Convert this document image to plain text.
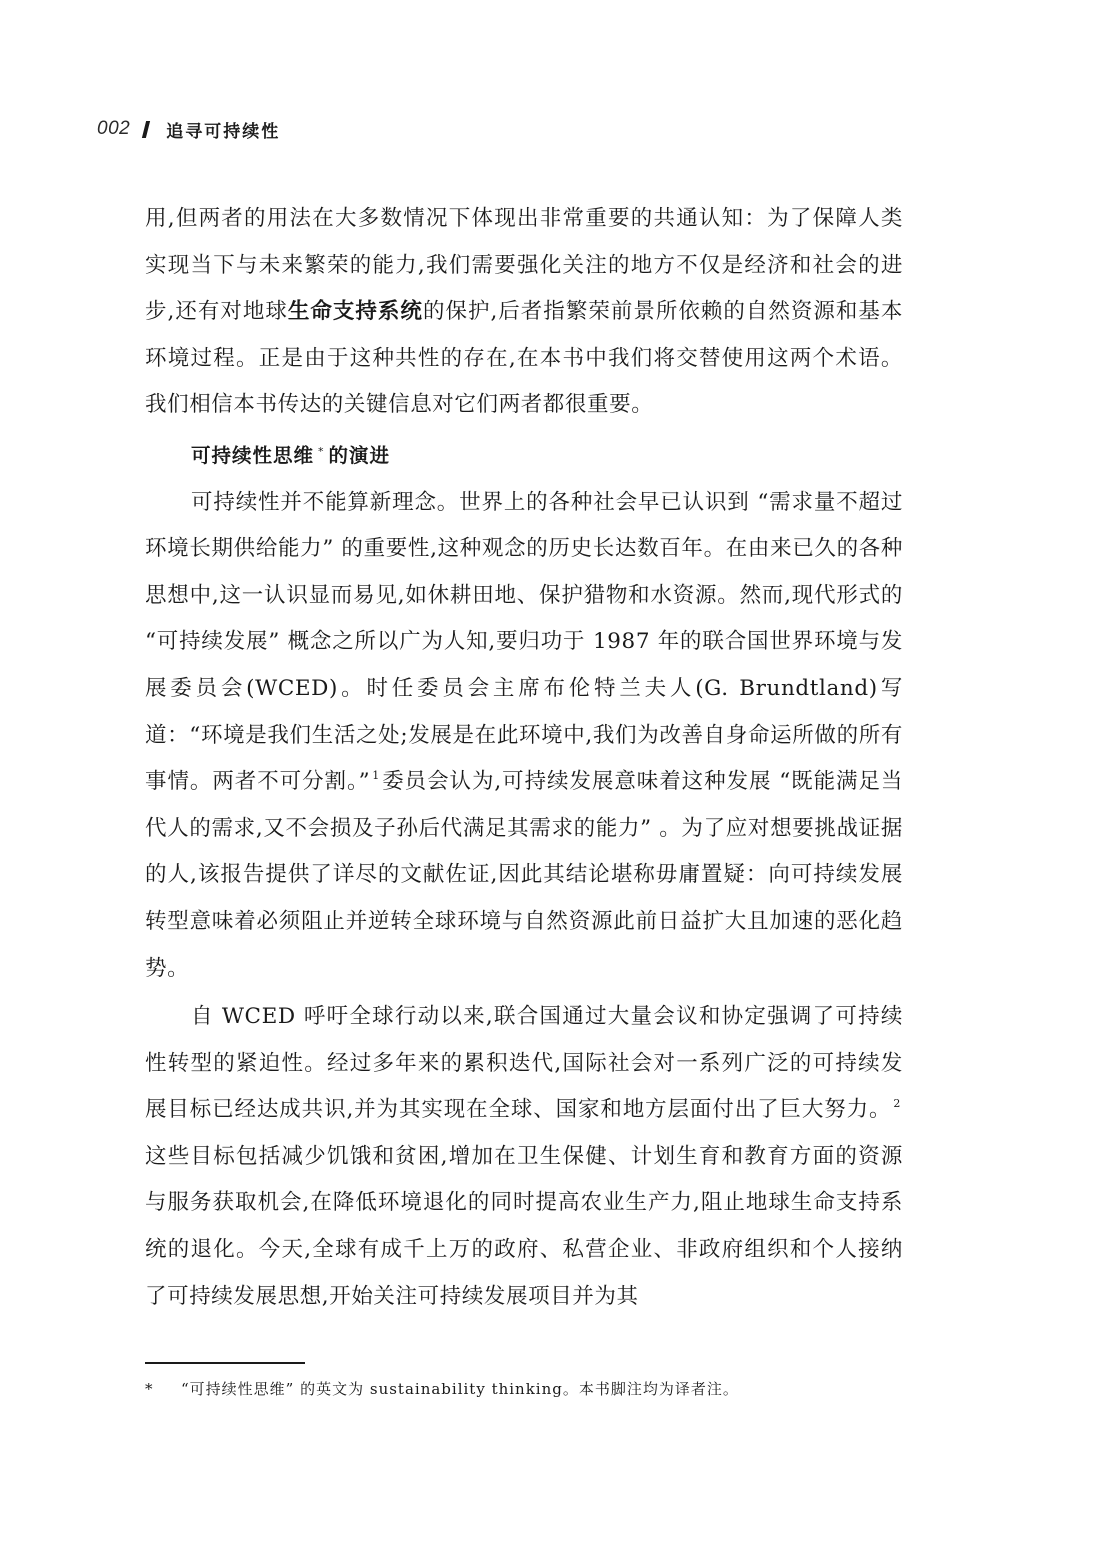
002 追寻可持续性

用,但两者的用法在大多数情况下体现出非常重要的共通认知：为了保障人类实现当下与未来繁荣的能力,我们需要强化关注的地方不仅是经济和社会的进步,还有对地球生命支持系统的保护,后者指繁荣前景所依赖的自然资源和基本环境过程。正是由于这种共性的存在,在本书中我们将交替使用这两个术语。我们相信本书传达的关键信息对它们两者都很重要。

可持续性思维 * 的演进

可持续性并不能算新理念。世界上的各种社会早已认识到 “需求量不超过环境长期供给能力” 的重要性,这种观念的历史长达数百年。在由来已久的各种思想中,这一认识显而易见,如休耕田地、保护猎物和水资源。然而,现代形式的 “可持续发展” 概念之所以广为人知,要归功于 1987 年的联合国世界环境与发展委员会(WCED)。时任委员会主席布伦特兰夫人(G. Brundtland)写道：“环境是我们生活之处;发展是在此环境中,我们为改善自身命运所做的所有事情。两者不可分割。” $^1$委员会认为,可持续发展意味着这种发展 “既能满足当代人的需求,又不会损及子孙后代满足其需求的能力” 。为了应对想要挑战证据的人,该报告提供了详尽的文献佐证,因此其结论堪称毋庸置疑：向可持续发展转型意味着必须阻止并逆转全球环境与自然资源此前日益扩大且加速的恶化趋势。

自 WCED 呼吁全球行动以来,联合国通过大量会议和协定强调了可持续性转型的紧迫性。经过多年来的累积迭代,国际社会对一系列广泛的可持续发展目标已经达成共识,并为其实现在全球、国家和地方层面付出了巨大努力。 $^2$这些目标包括减少饥饿和贫困,增加在卫生保健、计划生育和教育方面的资源与服务获取机会,在降低环境退化的同时提高农业生产力,阻止地球生命支持系统的退化。今天,全球有成千上万的政府、私营企业、非政府组织和个人接纳了可持续发展思想,开始关注可持续发展项目并为其

*	“可持续性思维” 的英文为 sustainability thinking。本书脚注均为译者注。
